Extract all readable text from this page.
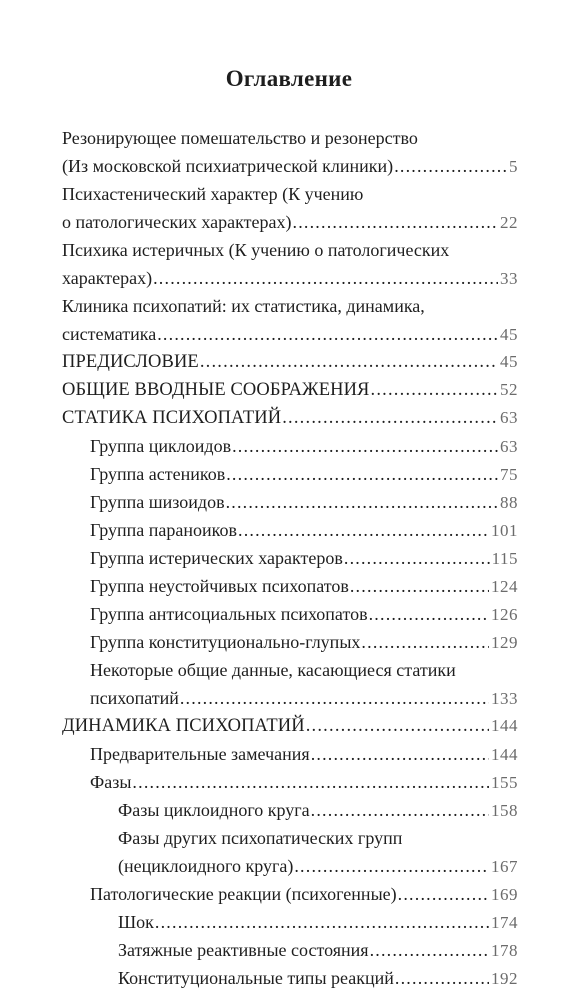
Оглавление
Резонирующее помешательство и резонерство
(Из московской психиатрической клиники) .....	5
Психастенический характер (К учению
о патологических характерах) .....	22
Психика истеричных (К учению о патологических
характерах) .....	33
Клиника психопатий: их статистика, динамика,
систематика .....	45
ПРЕДИСЛОВИЕ .....	45
ОБЩИЕ ВВОДНЫЕ СООБРАЖЕНИЯ .....	52
СТАТИКА ПСИХОПАТИЙ .....	63
Группа циклоидов .....	63
Группа астеников .....	75
Группа шизоидов .....	88
Группа параноиков .....	101
Группа истерических характеров .....	115
Группа неустойчивых психопатов .....	124
Группа антисоциальных психопатов .....	126
Группа конституционально-глупых .....	129
Некоторые общие данные, касающиеся статики
психопатий .....	133
ДИНАМИКА ПСИХОПАТИЙ .....	144
Предварительные замечания .....	144
Фазы .....	155
Фазы циклоидного круга .....	158
Фазы других психопатических групп
(нециклоидного круга) .....	167
Патологические реакции (психогенные) .....	169
Шок .....	174
Затяжные реактивные состояния .....	178
Конституциональные типы реакций .....	192
